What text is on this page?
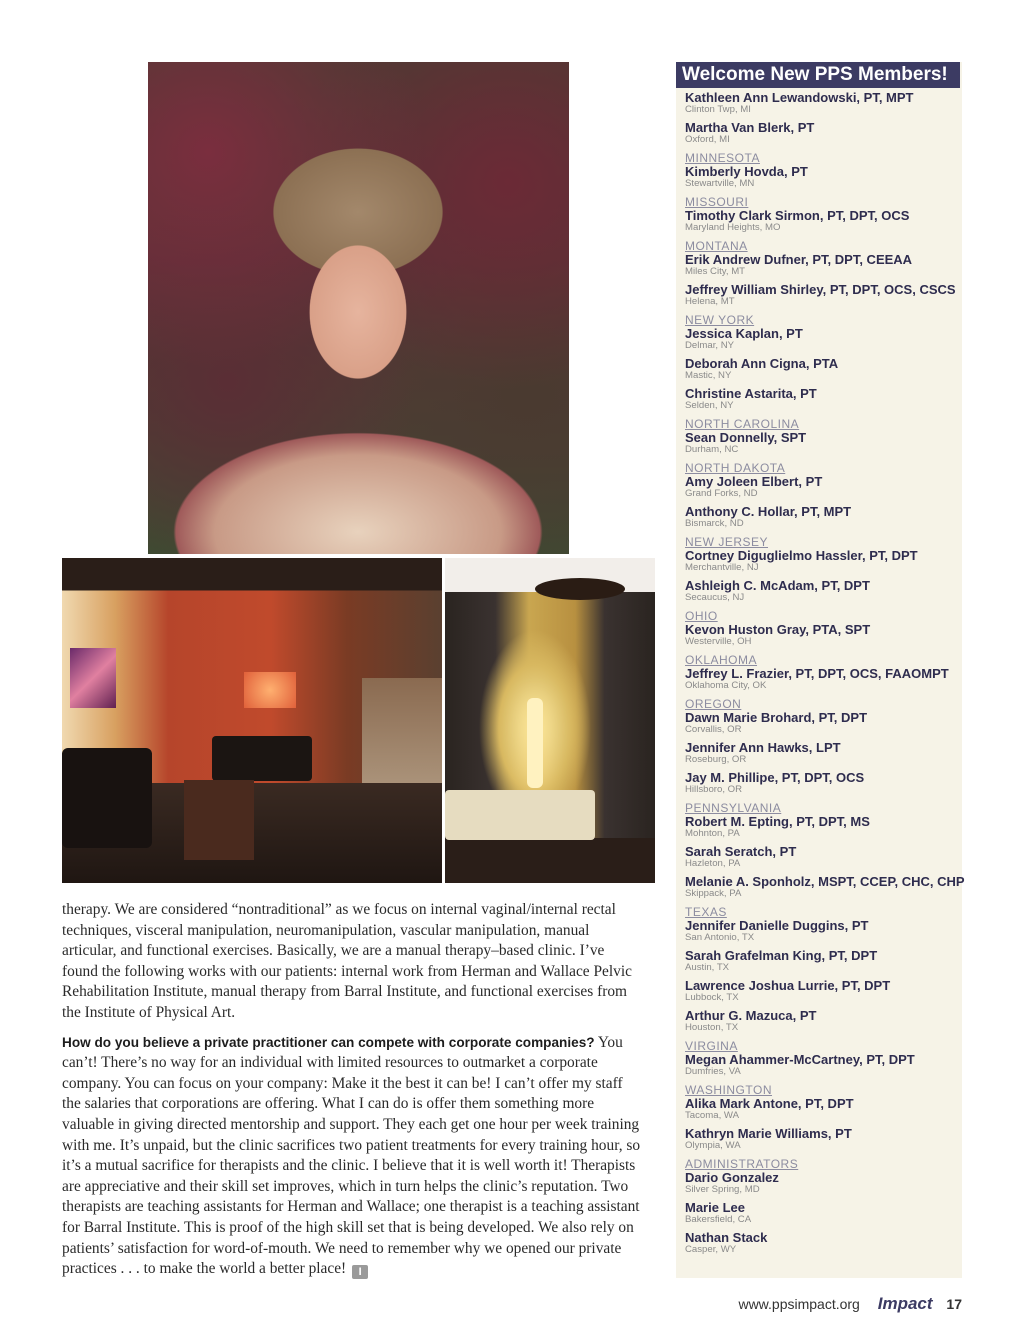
therapy. We are considered “nontraditional” as we focus on internal vaginal/internal rectal techniques, visceral manipulation, neuromanipulation, vascular manipulation, manual articular, and functional exercises. Basically, we are a manual therapy–based clinic. I’ve found the following works with our patients: internal work from Herman and Wallace Pelvic Rehabilitation Institute, manual therapy from Barral Institute, and functional exercises from the Institute of Physical Art.

How do you believe a private practitioner can compete with corporate companies? You can’t! There’s no way for an individual with limited resources to outmarket a corporate company. You can focus on your company: Make it the best it can be! I can’t offer my staff the salaries that corporations are offering. What I can do is offer them something more valuable in giving directed mentorship and support. They each get one hour per week training with me. It’s unpaid, but the clinic sacrifices two patient treatments for every training hour, so it’s a mutual sacrifice for therapists and the clinic. I believe that it is well worth it! Therapists are appreciative and their skill set improves, which in turn helps the clinic’s reputation. Two therapists are teaching assistants for Herman and Wallace; one therapist is a teaching assistant for Barral Institute. This is proof of the high skill set that is being developed. We also rely on patients’ satisfaction for word-of-mouth. We need to remember why we opened our private practices . . . to make the world a better place! I

Welcome New PPS Members!
Kathleen Ann Lewandowski, PT, MPT
Clinton Twp, MI
Martha Van Blerk, PT
Oxford, MI
MINNESOTA
Kimberly Hovda, PT
Stewartville, MN
MISSOURI
Timothy Clark Sirmon, PT, DPT, OCS
Maryland Heights, MO
MONTANA
Erik Andrew Dufner, PT, DPT, CEEAA
Miles City, MT
Jeffrey William Shirley, PT, DPT, OCS, CSCS
Helena, MT
NEW YORK
Jessica Kaplan, PT
Delmar, NY
Deborah Ann Cigna, PTA
Mastic, NY
Christine Astarita, PT
Selden, NY
NORTH CAROLINA
Sean Donnelly, SPT
Durham, NC
NORTH DAKOTA
Amy Joleen Elbert, PT
Grand Forks, ND
Anthony C. Hollar, PT, MPT
Bismarck, ND
NEW JERSEY
Cortney Diguglielmo Hassler, PT, DPT
Merchantville, NJ
Ashleigh C. McAdam, PT, DPT
Secaucus, NJ
OHIO
Kevon Huston Gray, PTA, SPT
Westerville, OH
OKLAHOMA
Jeffrey L. Frazier, PT, DPT, OCS, FAAOMPT
Oklahoma City, OK
OREGON
Dawn Marie Brohard, PT, DPT
Corvallis, OR
Jennifer Ann Hawks, LPT
Roseburg, OR
Jay M. Phillipe, PT, DPT, OCS
Hillsboro, OR
PENNSYLVANIA
Robert M. Epting, PT, DPT, MS
Mohnton, PA
Sarah Seratch, PT
Hazleton, PA
Melanie A. Sponholz, MSPT, CCEP, CHC, CHP
Skippack, PA
TEXAS
Jennifer Danielle Duggins, PT
San Antonio, TX
Sarah Grafelman King, PT, DPT
Austin, TX
Lawrence Joshua Lurrie, PT, DPT
Lubbock, TX
Arthur G. Mazuca, PT
Houston, TX
VIRGINA
Megan Ahammer-McCartney, PT, DPT
Dumfries, VA
WASHINGTON
Alika Mark Antone, PT, DPT
Tacoma, WA
Kathryn Marie Williams, PT
Olympia, WA
ADMINISTRATORS
Dario Gonzalez
Silver Spring, MD
Marie Lee
Bakersfield, CA
Nathan Stack
Casper, WY
www.ppsimpact.org Impact 17
